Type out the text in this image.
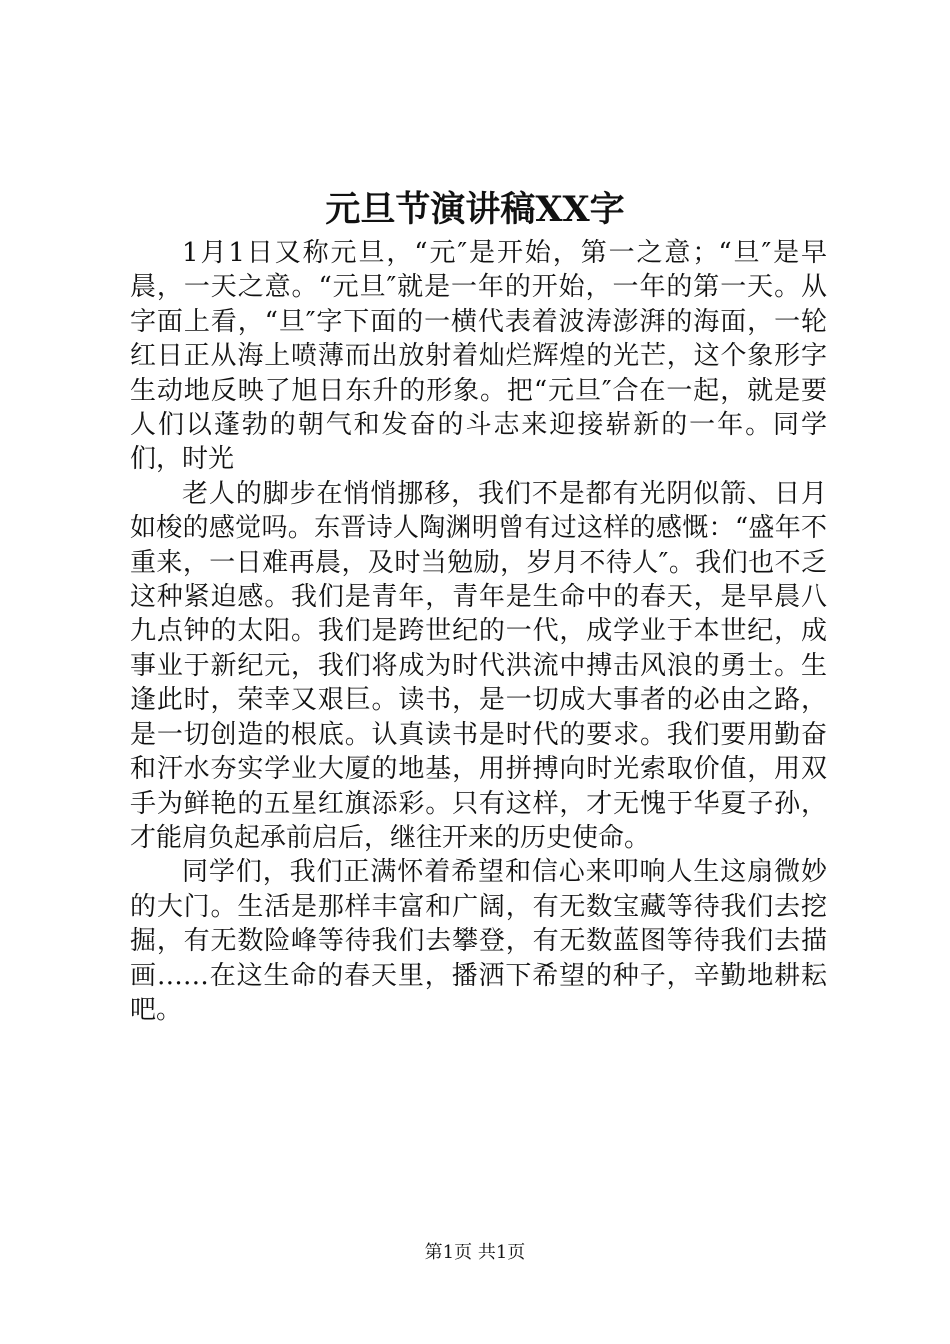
元旦节演讲稿XX字

1月1日又称元旦，“元″是开始，第一之意；“旦″是早晨，一天之意。“元旦″就是一年的开始，一年的第一天。从字面上看，“旦″字下面的一横代表着波涛澎湃的海面，一轮红日正从海上喷薄而出放射着灿烂辉煌的光芒，这个象形字生动地反映了旭日东升的形象。把“元旦″合在一起，就是要人们以蓬勃的朝气和发奋的斗志来迎接崭新的一年。同学们，时光

老人的脚步在悄悄挪移，我们不是都有光阴似箭、日月如梭的感觉吗。东晋诗人陶渊明曾有过这样的感慨：“盛年不重来，一日难再晨，及时当勉励，岁月不待人″。我们也不乏这种紧迫感。我们是青年，青年是生命中的春天，是早晨八九点钟的太阳。我们是跨世纪的一代，成学业于本世纪，成事业于新纪元，我们将成为时代洪流中搏击风浪的勇士。生逢此时，荣幸又艰巨。读书，是一切成大事者的必由之路，是一切创造的根底。认真读书是时代的要求。我们要用勤奋和汗水夯实学业大厦的地基，用拼搏向时光索取价值，用双手为鲜艳的五星红旗添彩。只有这样，才无愧于华夏子孙，才能肩负起承前启后，继往开来的历史使命。

同学们，我们正满怀着希望和信心来叩响人生这扇微妙的大门。生活是那样丰富和广阔，有无数宝藏等待我们去挖掘，有无数险峰等待我们去攀登，有无数蓝图等待我们去描画……在这生命的春天里，播洒下希望的种子，辛勤地耕耘吧。

第1页 共1页
